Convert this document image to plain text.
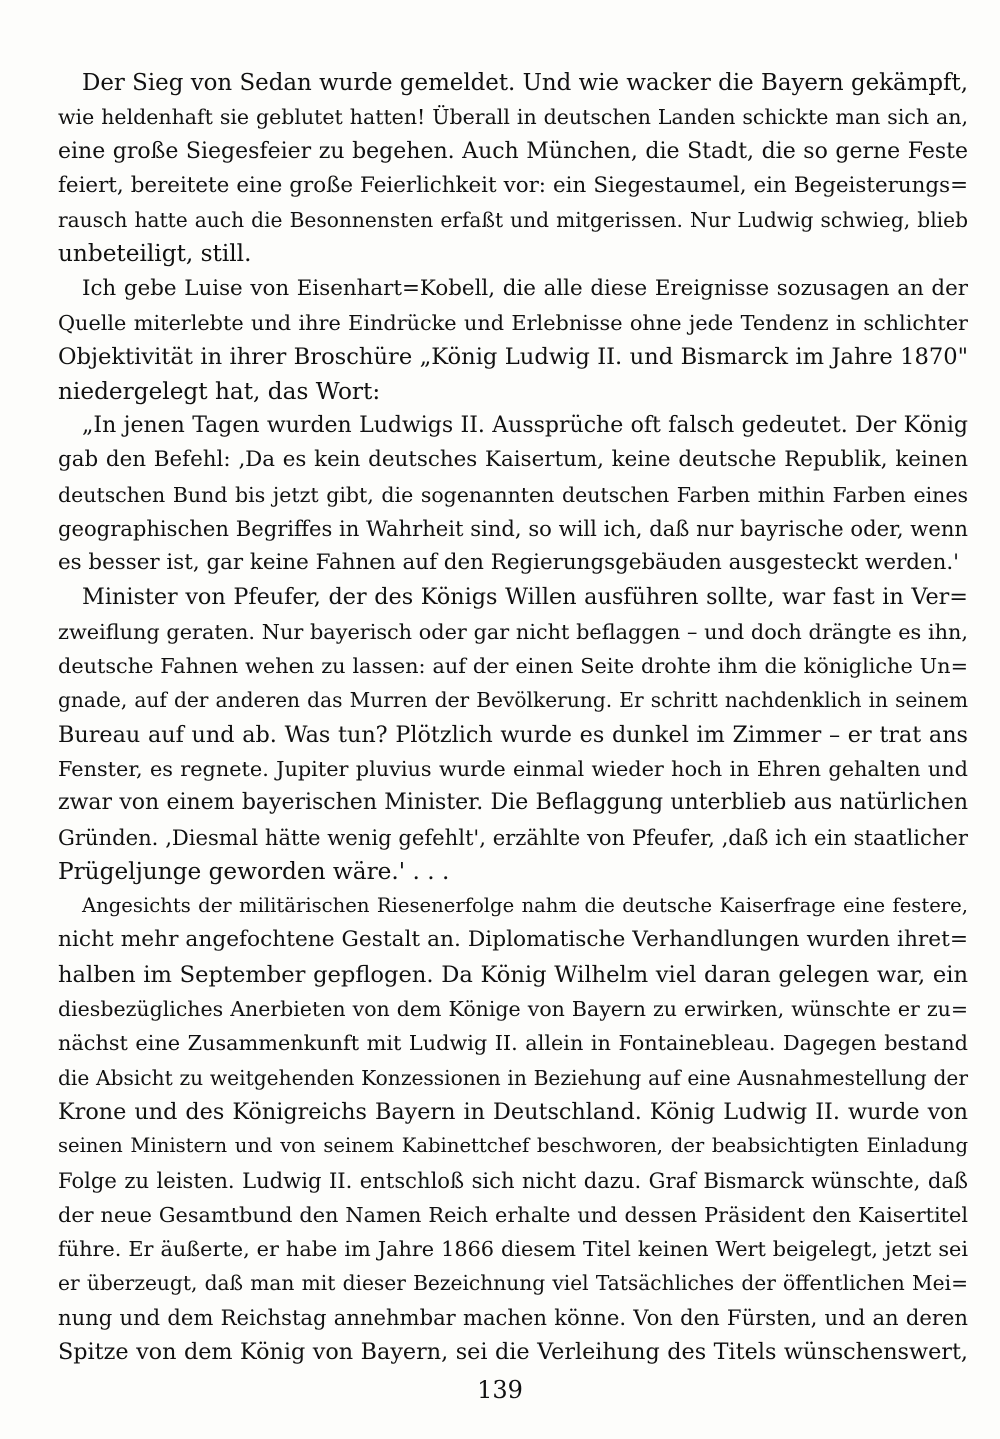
Der Sieg von Sedan wurde gemeldet. Und wie wacker die Bayern gekämpft,
wie heldenhaft sie geblutet hatten! Überall in deutschen Landen schickte man sich an,
eine große Siegesfeier zu begehen. Auch München, die Stadt, die so gerne Feste
feiert, bereitete eine große Feierlichkeit vor: ein Siegestaumel, ein Begeisterungs=
rausch hatte auch die Besonnensten erfaßt und mitgerissen. Nur Ludwig schwieg, blieb
unbeteiligt, still.
Ich gebe Luise von Eisenhart=Kobell, die alle diese Ereignisse sozusagen an der
Quelle miterlebte und ihre Eindrücke und Erlebnisse ohne jede Tendenz in schlichter
Objektivität in ihrer Broschüre „König Ludwig II. und Bismarck im Jahre 1870"
niedergelegt hat, das Wort:
„In jenen Tagen wurden Ludwigs II. Aussprüche oft falsch gedeutet. Der König
gab den Befehl: ‚Da es kein deutsches Kaisertum, keine deutsche Republik, keinen
deutschen Bund bis jetzt gibt, die sogenannten deutschen Farben mithin Farben eines
geographischen Begriffes in Wahrheit sind, so will ich, daß nur bayrische oder, wenn
es besser ist, gar keine Fahnen auf den Regierungsgebäuden ausgesteckt werden.'
Minister von Pfeufer, der des Königs Willen ausführen sollte, war fast in Ver=
zweiflung geraten. Nur bayerisch oder gar nicht beflaggen – und doch drängte es ihn,
deutsche Fahnen wehen zu lassen: auf der einen Seite drohte ihm die königliche Un=
gnade, auf der anderen das Murren der Bevölkerung. Er schritt nachdenklich in seinem
Bureau auf und ab. Was tun? Plötzlich wurde es dunkel im Zimmer – er trat ans
Fenster, es regnete. Jupiter pluvius wurde einmal wieder hoch in Ehren gehalten und
zwar von einem bayerischen Minister. Die Beflaggung unterblieb aus natürlichen
Gründen. ‚Diesmal hätte wenig gefehlt', erzählte von Pfeufer, ‚daß ich ein staatlicher
Prügeljunge geworden wäre.' . . .
Angesichts der militärischen Riesenerfolge nahm die deutsche Kaiserfrage eine festere,
nicht mehr angefochtene Gestalt an. Diplomatische Verhandlungen wurden ihret=
halben im September gepflogen. Da König Wilhelm viel daran gelegen war, ein
diesbezügliches Anerbieten von dem Könige von Bayern zu erwirken, wünschte er zu=
nächst eine Zusammenkunft mit Ludwig II. allein in Fontainebleau. Dagegen bestand
die Absicht zu weitgehenden Konzessionen in Beziehung auf eine Ausnahmestellung der
Krone und des Königreichs Bayern in Deutschland. König Ludwig II. wurde von
seinen Ministern und von seinem Kabinettchef beschworen, der beabsichtigten Einladung
Folge zu leisten. Ludwig II. entschloß sich nicht dazu. Graf Bismarck wünschte, daß
der neue Gesamtbund den Namen Reich erhalte und dessen Präsident den Kaisertitel
führe. Er äußerte, er habe im Jahre 1866 diesem Titel keinen Wert beigelegt, jetzt sei
er überzeugt, daß man mit dieser Bezeichnung viel Tatsächliches der öffentlichen Mei=
nung und dem Reichstag annehmbar machen könne. Von den Fürsten, und an deren
Spitze von dem König von Bayern, sei die Verleihung des Titels wünschenswert,
139
